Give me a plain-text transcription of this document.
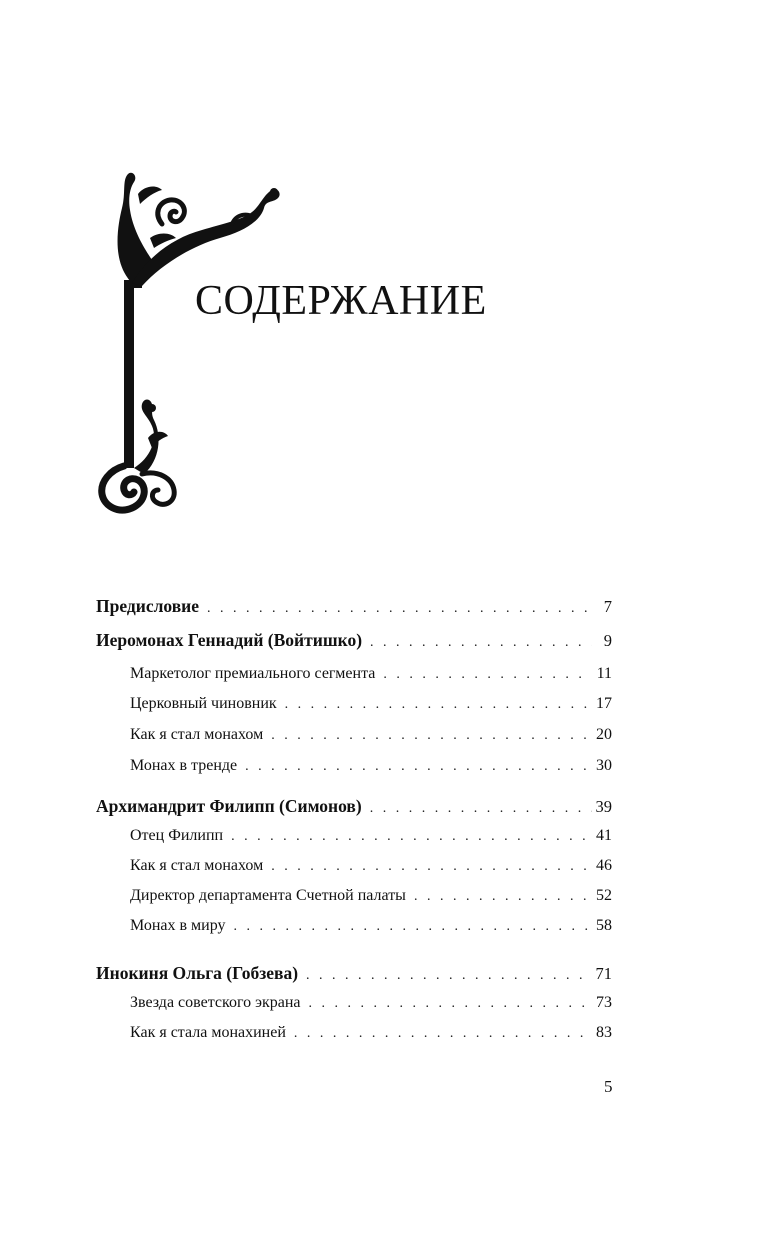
СОДЕРЖАНИЕ
Предисловие . . .	7
Иеромонах Геннадий (Войтишко) . . .	9
Маркетолог премиального сегмента . . .	11
Церковный чиновник . . .	17
Как я стал монахом . . .	20
Монах в тренде . . .	30
Архимандрит Филипп (Симонов) . . .	39
Отец Филипп . . .	41
Как я стал монахом . . .	46
Директор департамента Счетной палаты . . .	52
Монах в миру . . .	58
Инокиня Ольга (Гобзева) . . .	71
Звезда советского экрана . . .	73
Как я стала монахиней . . .	83
5
